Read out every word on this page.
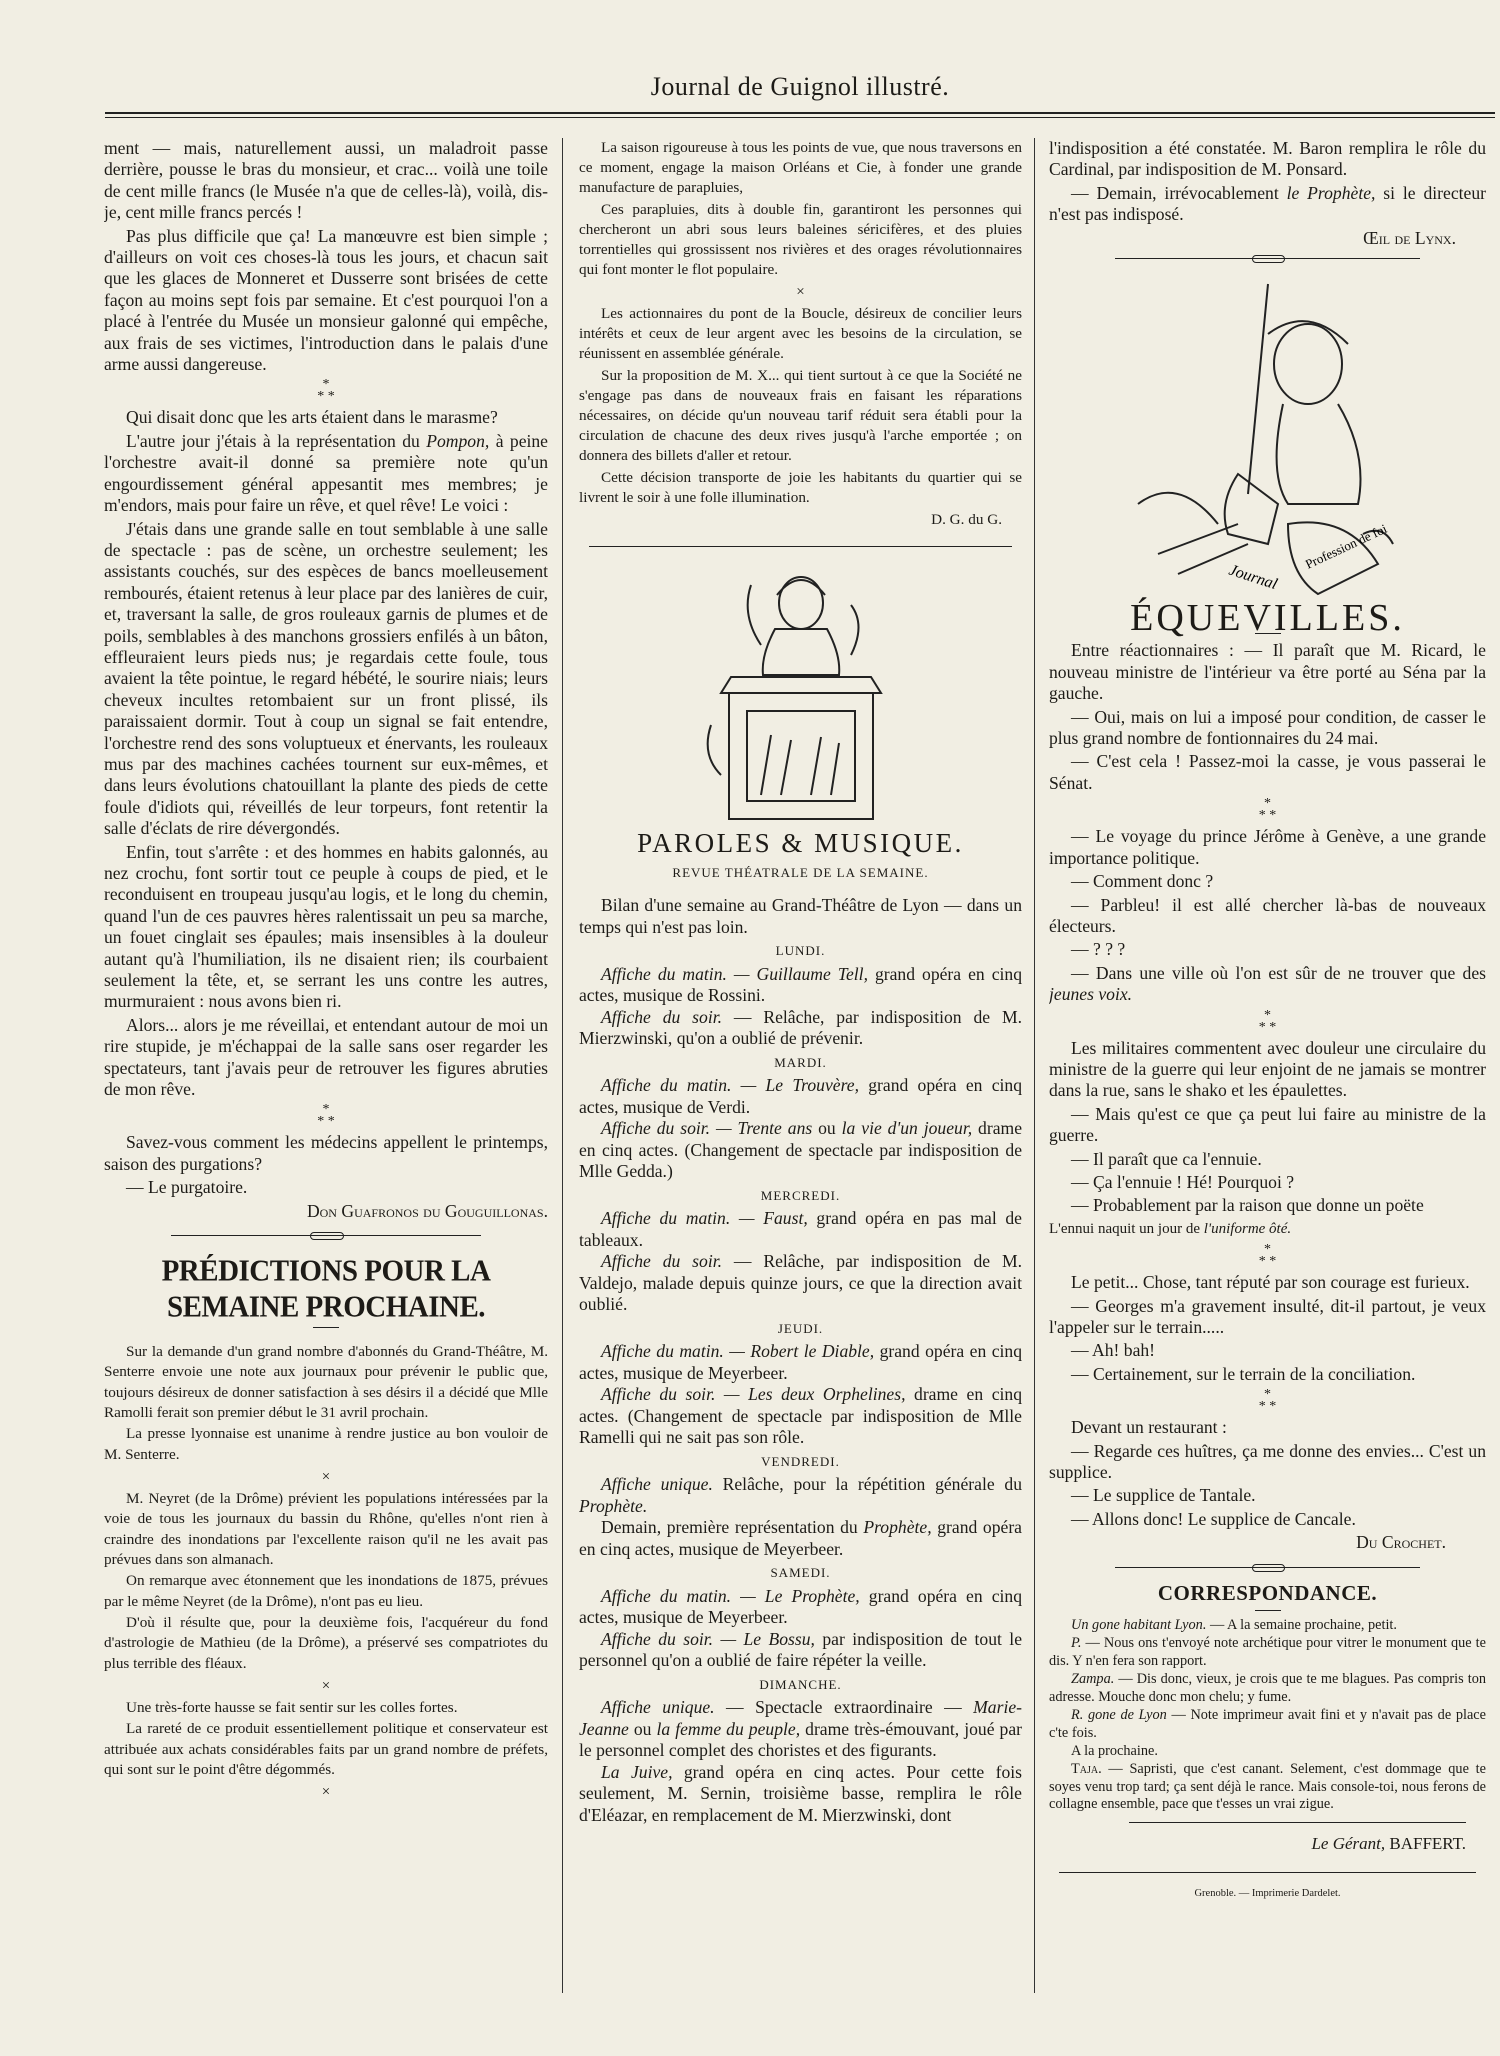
Journal de Guignol illustré.

ment — mais, naturellement aussi, un maladroit passe derrière, pousse le bras du monsieur, et crac... voilà une toile de cent mille francs (le Musée n'a que de celles-là), voilà, dis-je, cent mille francs percés !

Pas plus difficile que ça! La manœuvre est bien simple ; d'ailleurs on voit ces choses-là tous les jours, et chacun sait que les glaces de Monneret et Dusserre sont brisées de cette façon au moins sept fois par semaine. Et c'est pourquoi l'on a placé à l'entrée du Musée un monsieur galonné qui empêche, aux frais de ses victimes, l'introduction dans le palais d'une arme aussi dangereuse.

*
* *

Qui disait donc que les arts étaient dans le marasme?

L'autre jour j'étais à la représentation du Pompon, à peine l'orchestre avait-il donné sa première note qu'un engourdissement général appesantit mes membres; je m'endors, mais pour faire un rêve, et quel rêve! Le voici :

J'étais dans une grande salle en tout semblable à une salle de spectacle : pas de scène, un orchestre seulement; les assistants couchés, sur des espèces de bancs moelleusement rembourés, étaient retenus à leur place par des lanières de cuir, et, traversant la salle, de gros rouleaux garnis de plumes et de poils, semblables à des manchons grossiers enfilés à un bâton, effleuraient leurs pieds nus; je regardais cette foule, tous avaient la tête pointue, le regard hébété, le sourire niais; leurs cheveux incultes retombaient sur un front plissé, ils paraissaient dormir. Tout à coup un signal se fait entendre, l'orchestre rend des sons voluptueux et énervants, les rouleaux mus par des machines cachées tournent sur eux-mêmes, et dans leurs évolutions chatouillant la plante des pieds de cette foule d'idiots qui, réveillés de leur torpeurs, font retentir la salle d'éclats de rire dévergondés.

Enfin, tout s'arrête : et des hommes en habits galonnés, au nez crochu, font sortir tout ce peuple à coups de pied, et le reconduisent en troupeau jusqu'au logis, et le long du chemin, quand l'un de ces pauvres hères ralentissait un peu sa marche, un fouet cinglait ses épaules; mais insensibles à la douleur autant qu'à l'humiliation, ils ne disaient rien; ils courbaient seulement la tête, et, se serrant les uns contre les autres, murmuraient : nous avons bien ri.

Alors... alors je me réveillai, et entendant autour de moi un rire stupide, je m'échappai de la salle sans oser regarder les spectateurs, tant j'avais peur de retrouver les figures abruties de mon rêve.

*
* *

Savez-vous comment les médecins appellent le printemps, saison des purgations?

— Le purgatoire.

Don Guafronos du Gouguillonas.

PRÉDICTIONS POUR LA SEMAINE PROCHAINE.

Sur la demande d'un grand nombre d'abonnés du Grand-Théâtre, M. Senterre envoie une note aux journaux pour prévenir le public que, toujours désireux de donner satisfaction à ses désirs il a décidé que Mlle Ramolli ferait son premier début le 31 avril prochain.

La presse lyonnaise est unanime à rendre justice au bon vouloir de M. Senterre.

×

M. Neyret (de la Drôme) prévient les populations intéressées par la voie de tous les journaux du bassin du Rhône, qu'elles n'ont rien à craindre des inondations par l'excellente raison qu'il ne les avait pas prévues dans son almanach.

On remarque avec étonnement que les inondations de 1875, prévues par le même Neyret (de la Drôme), n'ont pas eu lieu.

D'où il résulte que, pour la deuxième fois, l'acquéreur du fond d'astrologie de Mathieu (de la Drôme), a préservé ses compatriotes du plus terrible des fléaux.

×

Une très-forte hausse se fait sentir sur les colles fortes.

La rareté de ce produit essentiellement politique et conservateur est attribuée aux achats considérables faits par un grand nombre de préfets, qui sont sur le point d'être dégommés.

×

La saison rigoureuse à tous les points de vue, que nous traversons en ce moment, engage la maison Orléans et Cie, à fonder une grande manufacture de parapluies,

Ces parapluies, dits à double fin, garantiront les personnes qui chercheront un abri sous leurs baleines séricifères, et des pluies torrentielles qui grossissent nos rivières et des orages révolutionnaires qui font monter le flot populaire.

×

Les actionnaires du pont de la Boucle, désireux de concilier leurs intérêts et ceux de leur argent avec les besoins de la circulation, se réunissent en assemblée générale.

Sur la proposition de M. X... qui tient surtout à ce que la Société ne s'engage pas dans de nouveaux frais en faisant les réparations nécessaires, on décide qu'un nouveau tarif réduit sera établi pour la circulation de chacune des deux rives jusqu'à l'arche emportée ; on donnera des billets d'aller et retour.

Cette décision transporte de joie les habitants du quartier qui se livrent le soir à une folle illumination.

D. G. du G.

PAROLES & MUSIQUE.
REVUE THÉATRALE DE LA SEMAINE.

Bilan d'une semaine au Grand-Théâtre de Lyon — dans un temps qui n'est pas loin.

LUNDI.

Affiche du matin. — Guillaume Tell, grand opéra en cinq actes, musique de Rossini.

Affiche du soir. — Relâche, par indisposition de M. Mierzwinski, qu'on a oublié de prévenir.

MARDI.

Affiche du matin. — Le Trouvère, grand opéra en cinq actes, musique de Verdi.

Affiche du soir. — Trente ans ou la vie d'un joueur, drame en cinq actes. (Changement de spectacle par indisposition de Mlle Gedda.)

MERCREDI.

Affiche du matin. — Faust, grand opéra en pas mal de tableaux.

Affiche du soir. — Relâche, par indisposition de M. Valdejo, malade depuis quinze jours, ce que la direction avait oublié.

JEUDI.

Affiche du matin. — Robert le Diable, grand opéra en cinq actes, musique de Meyerbeer.

Affiche du soir. — Les deux Orphelines, drame en cinq actes. (Changement de spectacle par indisposition de Mlle Ramelli qui ne sait pas son rôle.

VENDREDI.

Affiche unique. Relâche, pour la répétition générale du Prophète.

Demain, première représentation du Prophète, grand opéra en cinq actes, musique de Meyerbeer.

SAMEDI.

Affiche du matin. — Le Prophète, grand opéra en cinq actes, musique de Meyerbeer.

Affiche du soir. — Le Bossu, par indisposition de tout le personnel qu'on a oublié de faire répéter la veille.

DIMANCHE.

Affiche unique. — Spectacle extraordinaire — Marie-Jeanne ou la femme du peuple, drame très-émouvant, joué par le personnel complet des choristes et des figurants.

La Juive, grand opéra en cinq actes. Pour cette fois seulement, M. Sernin, troisième basse, remplira le rôle d'Eléazar, en remplacement de M. Mierzwinski, dont

l'indisposition a été constatée. M. Baron remplira le rôle du Cardinal, par indisposition de M. Ponsard.

— Demain, irrévocablement le Prophète, si le directeur n'est pas indisposé.

Œil de Lynx.

Profession de foi
Journal
ÉQUEVILLES.

Entre réactionnaires : — Il paraît que M. Ricard, le nouveau ministre de l'intérieur va être porté au Séna par la gauche.

— Oui, mais on lui a imposé pour condition, de casser le plus grand nombre de fontionnaires du 24 mai.

— C'est cela ! Passez-moi la casse, je vous passerai le Sénat.

*
* *

— Le voyage du prince Jérôme à Genève, a une grande importance politique.

— Comment donc ?

— Parbleu! il est allé chercher là-bas de nouveaux électeurs.

— ? ? ?

— Dans une ville où l'on est sûr de ne trouver que des jeunes voix.

*
* *

Les militaires commentent avec douleur une circulaire du ministre de la guerre qui leur enjoint de ne jamais se montrer dans la rue, sans le shako et les épaulettes.

— Mais qu'est ce que ça peut lui faire au ministre de la guerre.

— Il paraît que ca l'ennuie.

— Ça l'ennuie ! Hé! Pourquoi ?

— Probablement par la raison que donne un poëte

L'ennui naquit un jour de l'uniforme ôté.

*
* *

Le petit... Chose, tant réputé par son courage est furieux.

— Georges m'a gravement insulté, dit-il partout, je veux l'appeler sur le terrain.....

— Ah! bah!

— Certainement, sur le terrain de la conciliation.

*
* *

Devant un restaurant :

— Regarde ces huîtres, ça me donne des envies... C'est un supplice.

— Le supplice de Tantale.

— Allons donc! Le supplice de Cancale.

Du Crochet.

CORRESPONDANCE.

Un gone habitant Lyon. — A la semaine prochaine, petit.

P. — Nous ons t'envoyé note archétique pour vitrer le monument que te dis. Y n'en fera son rapport.

Zampa. — Dis donc, vieux, je crois que te me blagues. Pas compris ton adresse. Mouche donc mon chelu; y fume.

R. gone de Lyon — Note imprimeur avait fini et y n'avait pas de place c'te fois.

A la prochaine.

Taja. — Sapristi, que c'est canant. Selement, c'est dommage que te soyes venu trop tard; ça sent déjà le rance. Mais console-toi, nous ferons de collagne ensemble, pace que t'esses un vrai zigue.

Le Gérant, BAFFERT.
Grenoble. — Imprimerie Dardelet.
